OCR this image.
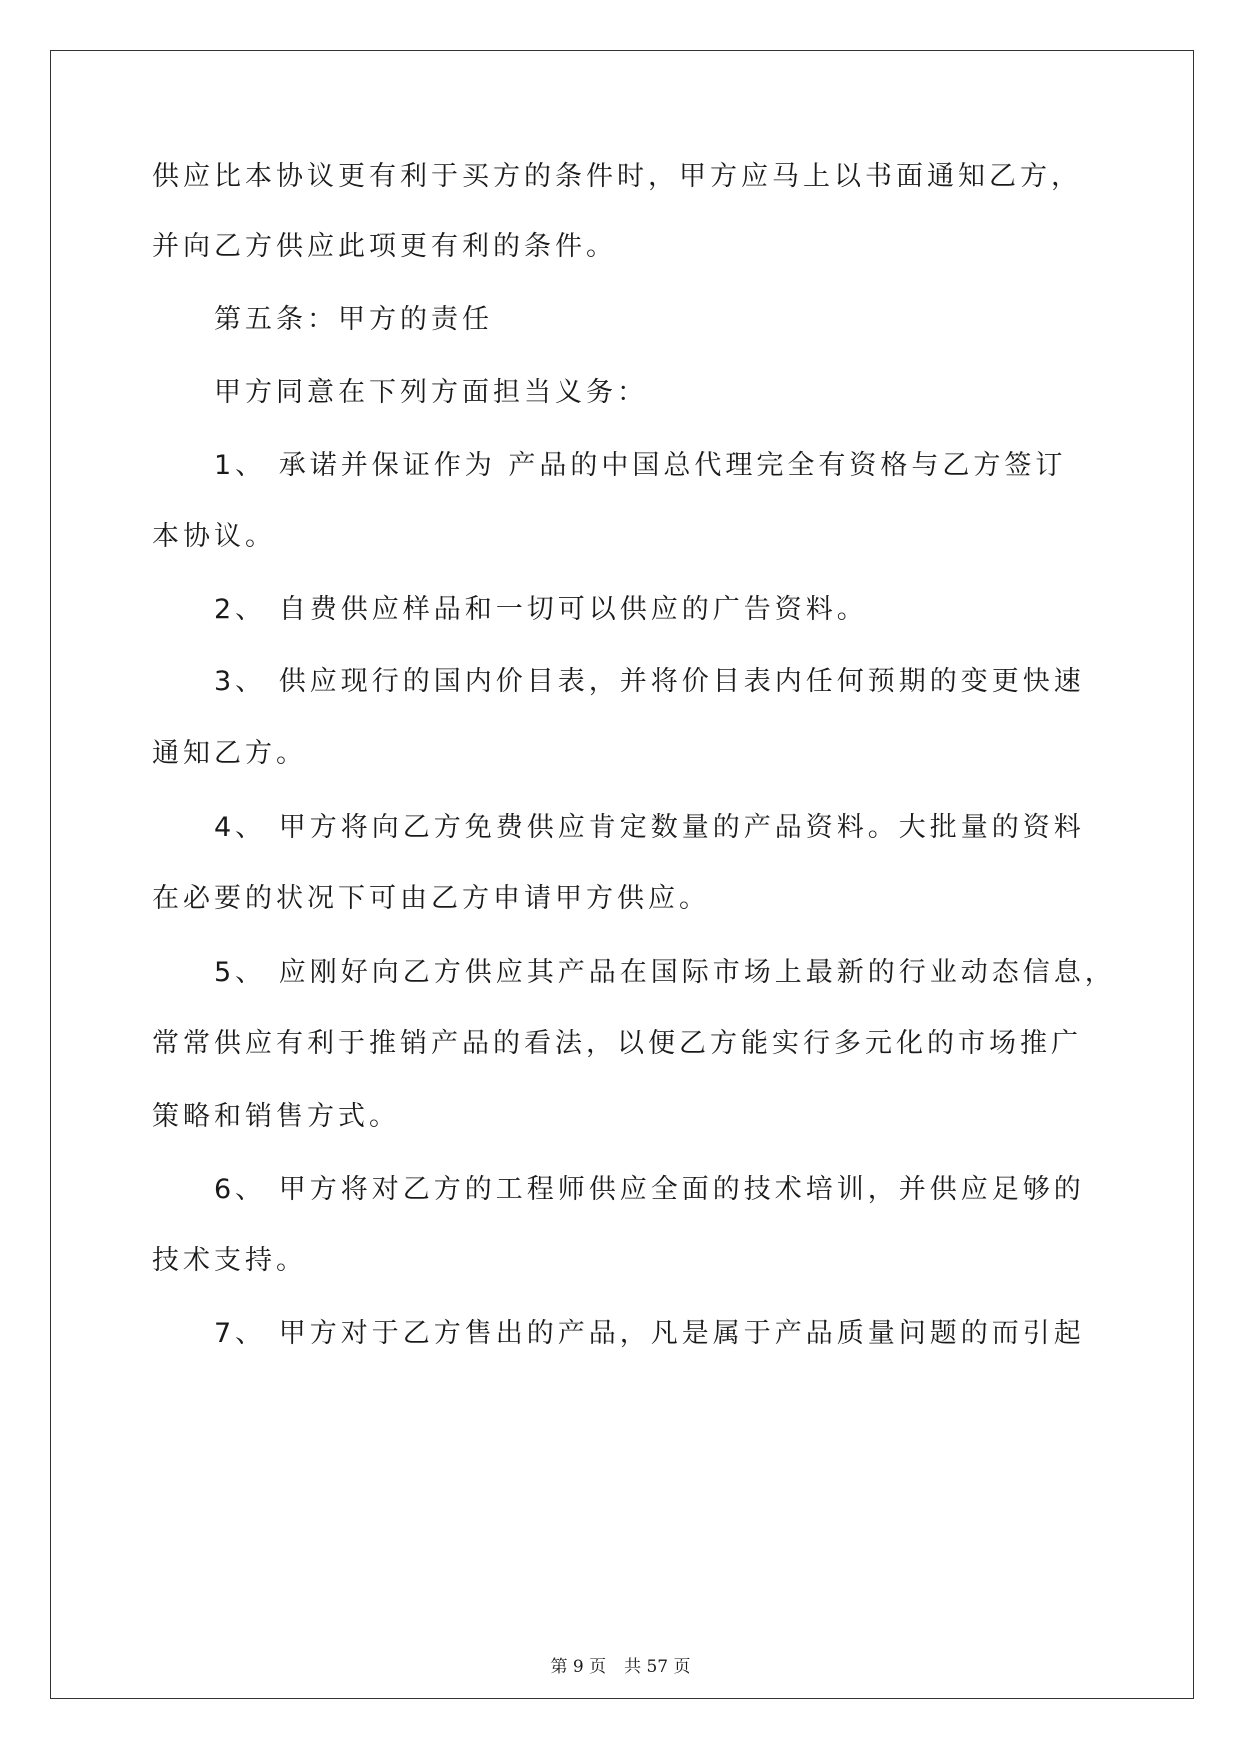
供应比本协议更有利于买方的条件时，甲方应马上以书面通知乙方，
并向乙方供应此项更有利的条件。
第五条：甲方的责任
甲方同意在下列方面担当义务：
1、 承诺并保证作为 产品的中国总代理完全有资格与乙方签订
本协议。
2、 自费供应样品和一切可以供应的广告资料。
3、 供应现行的国内价目表，并将价目表内任何预期的变更快速
通知乙方。
4、 甲方将向乙方免费供应肯定数量的产品资料。大批量的资料
在必要的状况下可由乙方申请甲方供应。
5、 应刚好向乙方供应其产品在国际市场上最新的行业动态信息，
常常供应有利于推销产品的看法，以便乙方能实行多元化的市场推广
策略和销售方式。
6、 甲方将对乙方的工程师供应全面的技术培训，并供应足够的
技术支持。
7、 甲方对于乙方售出的产品，凡是属于产品质量问题的而引起
第 9 页 共 57 页
